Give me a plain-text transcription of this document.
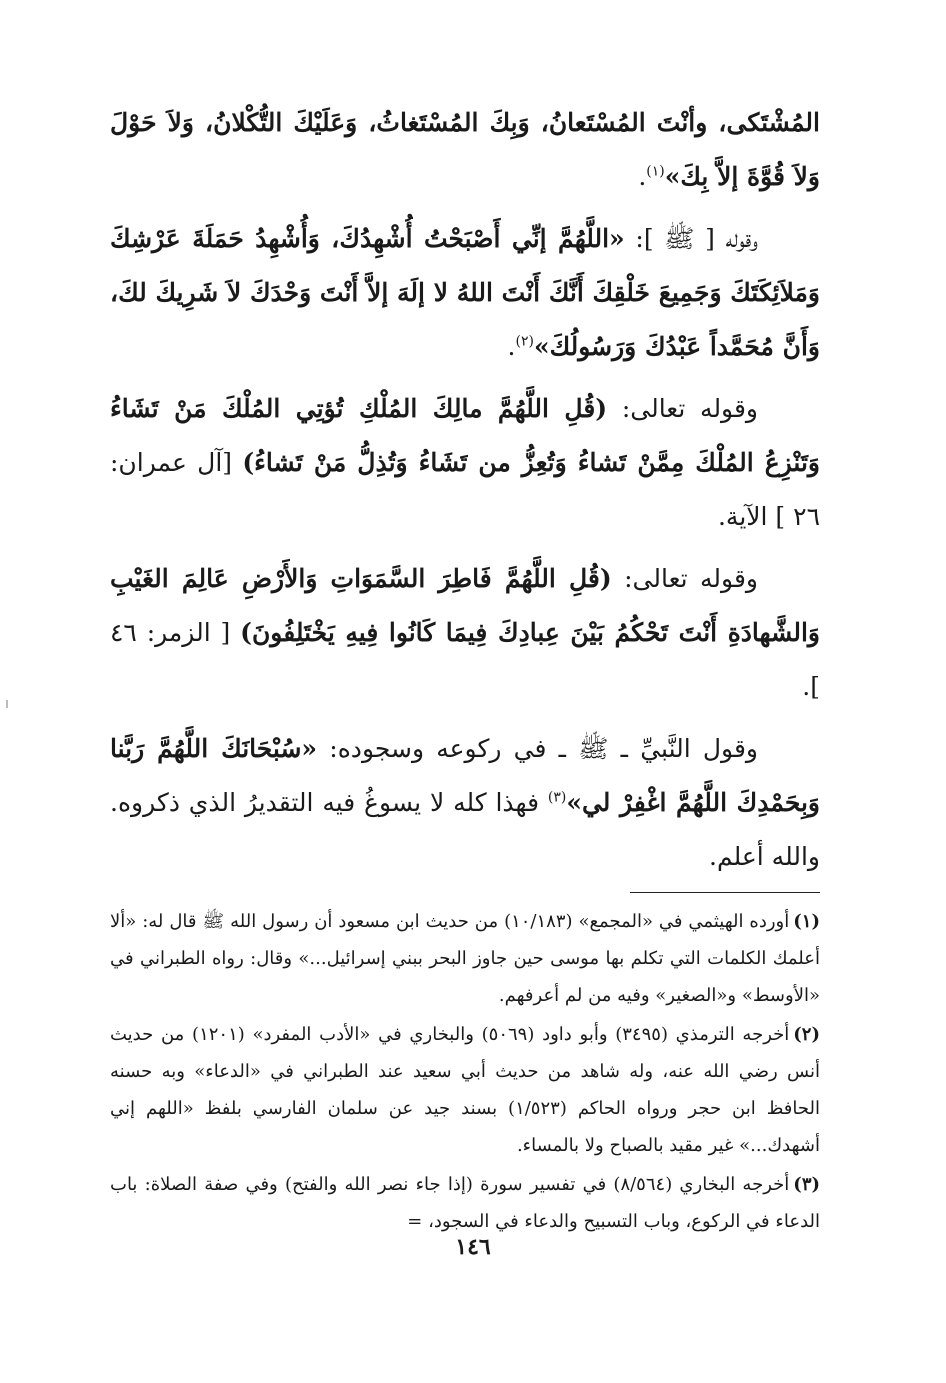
المُشْتَكى، وأنْتَ المُسْتَعانُ، وَبِكَ المُسْتَغاثُ، وَعَلَيْكَ التُّكْلانُ، وَلاَ حَوْلَ وَلاَ قُوَّةَ إلاَّ بِكَ»$^{(١)}$.

وقوله [ ﷺ ]: «اللَّهُمَّ إنِّي أَصْبَحْتُ أُشْهِدُكَ، وَأُشْهِدُ حَمَلَةَ عَرْشِكَ وَمَلاَئِكَتَكَ وَجَمِيعَ خَلْقِكَ أَنَّكَ أَنْتَ اللهُ لا إلَهَ إلاَّ أَنْتَ وَحْدَكَ لاَ شَرِيكَ لكَ، وَأَنَّ مُحَمَّداً عَبْدُكَ وَرَسُولُكَ»$^{(٢)}$.

وقوله تعالى: (قُلِ اللَّهُمَّ مالِكَ المُلْكِ تُؤتِي المُلْكَ مَنْ تَشَاءُ وَتَنْزِعُ المُلْكَ مِمَّنْ تَشاءُ وَتُعِزُّ من تَشَاءُ وَتُذِلُّ مَنْ تَشاءُ) [آل عمران: ٢٦ ] الآية.

وقوله تعالى: (قُلِ اللَّهُمَّ فَاطِرَ السَّمَوَاتِ وَالأَرْضِ عَالِمَ الغَيْبِ وَالشَّهادَةِ أَنْتَ تَحْكُمُ بَيْنَ عِبادِكَ فِيمَا كَانُوا فِيهِ يَخْتَلِفُونَ) [ الزمر: ٤٦ ].

وقول النَّبيِّ ـ ﷺ ـ في ركوعه وسجوده: «سُبْحَانَكَ اللَّهُمَّ رَبَّنا وَبِحَمْدِكَ اللَّهُمَّ اغْفِرْ لي»$^{(٣)}$ فهذا كله لا يسوغُ فيه التقديرُ الذي ذكروه. والله أعلم.

(١)أورده الهيثمي في «المجمع» (١٠/١٨٣) من حديث ابن مسعود أن رسول الله ﷺ قال له: «ألا أعلمك الكلمات التي تكلم بها موسى حين جاوز البحر ببني إسرائيل...» وقال: رواه الطبراني في «الأوسط» و«الصغير» وفيه من لم أعرفهم.

(٢)أخرجه الترمذي (٣٤٩٥) وأبو داود (٥٠٦٩) والبخاري في «الأدب المفرد» (١٢٠١) من حديث أنس رضي الله عنه، وله شاهد من حديث أبي سعيد عند الطبراني في «الدعاء» وبه حسنه الحافظ ابن حجر ورواه الحاكم (١/٥٢٣) بسند جيد عن سلمان الفارسي بلفظ «اللهم إني أشهدك...» غير مقيد بالصباح ولا بالمساء.

(٣)أخرجه البخاري (٨/٥٦٤) في تفسير سورة (إذا جاء نصر الله والفتح) وفي صفة الصلاة: باب الدعاء في الركوع، وباب التسبيح والدعاء في السجود، =

١٤٦
